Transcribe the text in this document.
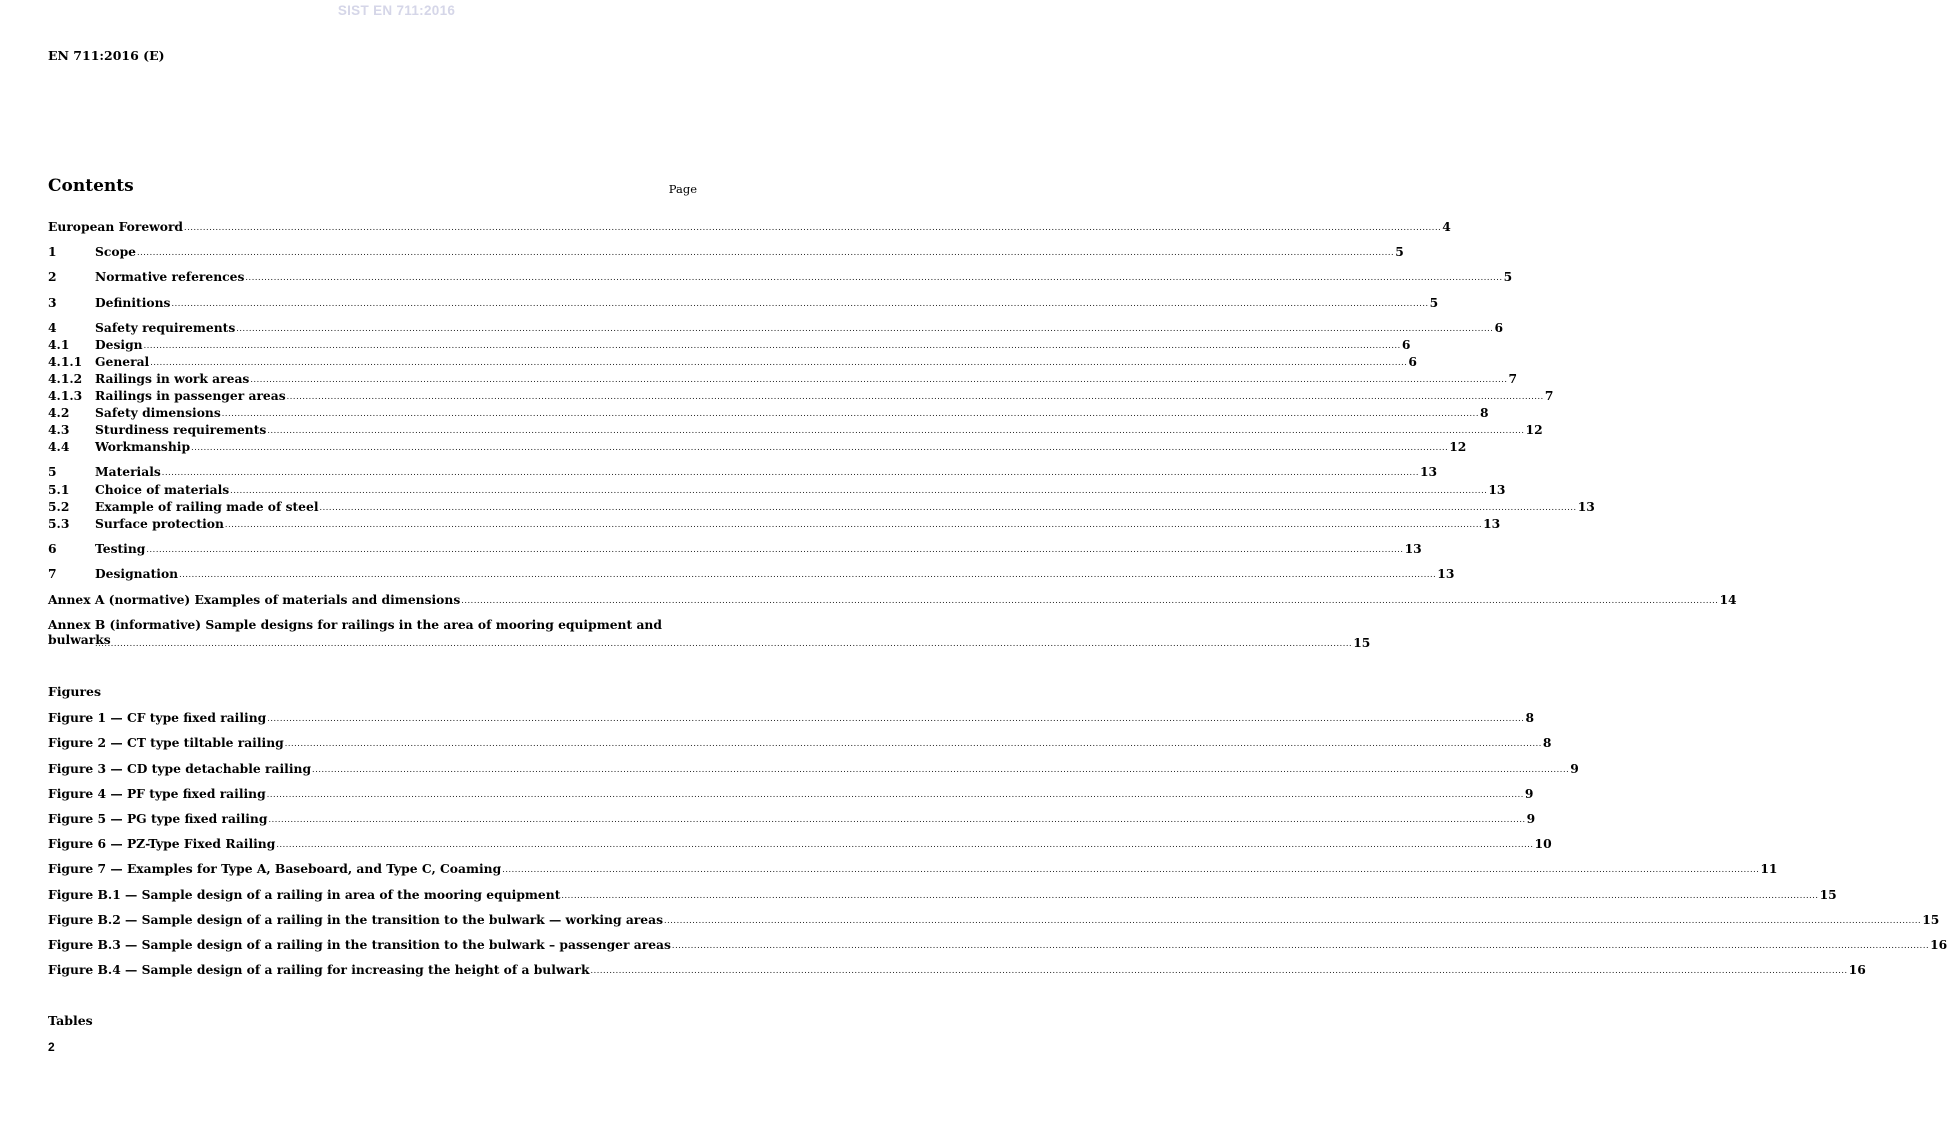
SIST EN 711:2016
EN 711:2016 (E)
Contents	Page
European Foreword ................................................................................................................................................................................................................................................................................................................................................................................................................ 4
1	Scope ................................................................................................................................................................................................................................................................................................................................................................................................................ 5
2	Normative references ................................................................................................................................................................................................................................................................................................................................................................................................................ 5
3	Definitions ................................................................................................................................................................................................................................................................................................................................................................................................................ 5
4	Safety requirements ................................................................................................................................................................................................................................................................................................................................................................................................................ 6
4.1	Design ................................................................................................................................................................................................................................................................................................................................................................................................................ 6
4.1.1	General ................................................................................................................................................................................................................................................................................................................................................................................................................ 6
4.1.2	Railings in work areas ................................................................................................................................................................................................................................................................................................................................................................................................................ 7
4.1.3	Railings in passenger areas ................................................................................................................................................................................................................................................................................................................................................................................................................ 7
4.2	Safety dimensions ................................................................................................................................................................................................................................................................................................................................................................................................................ 8
4.3	Sturdiness requirements ................................................................................................................................................................................................................................................................................................................................................................................................................ 12
4.4	Workmanship ................................................................................................................................................................................................................................................................................................................................................................................................................ 12
5	Materials ................................................................................................................................................................................................................................................................................................................................................................................................................ 13
5.1	Choice of materials ................................................................................................................................................................................................................................................................................................................................................................................................................ 13
5.2	Example of railing made of steel ................................................................................................................................................................................................................................................................................................................................................................................................................ 13
5.3	Surface protection ................................................................................................................................................................................................................................................................................................................................................................................................................ 13
6	Testing ................................................................................................................................................................................................................................................................................................................................................................................................................ 13
7	Designation ................................................................................................................................................................................................................................................................................................................................................................................................................ 13
Annex A (normative) Examples of materials and dimensions ................................................................................................................................................................................................................................................................................................................................................................................................................ 14
Annex B (informative) Sample designs for railings in the area of mooring equipment and bulwarks
................................................................................................................................................................................................................................................................................................................................................................................................................ 15
Figures
Figure 1 — CF type fixed railing ................................................................................................................................................................................................................................................................................................................................................................................................................ 8
Figure 2 — CT type tiltable railing ................................................................................................................................................................................................................................................................................................................................................................................................................ 8
Figure 3 — CD type detachable railing ................................................................................................................................................................................................................................................................................................................................................................................................................ 9
Figure 4 — PF type fixed railing ................................................................................................................................................................................................................................................................................................................................................................................................................ 9
Figure 5 — PG type fixed railing ................................................................................................................................................................................................................................................................................................................................................................................................................ 9
Figure 6 — PZ-Type Fixed Railing ................................................................................................................................................................................................................................................................................................................................................................................................................ 10
Figure 7 — Examples for Type A, Baseboard, and Type C, Coaming ................................................................................................................................................................................................................................................................................................................................................................................................................ 11
Figure B.1 — Sample design of a railing in area of the mooring equipment ................................................................................................................................................................................................................................................................................................................................................................................................................ 15
Figure B.2 — Sample design of a railing in the transition to the bulwark — working areas ................................................................................................................................................................................................................................................................................................................................................................................................................ 15
Figure B.3 — Sample design of a railing in the transition to the bulwark – passenger areas ................................................................................................................................................................................................................................................................................................................................................................................................................ 16
Figure B.4 — Sample design of a railing for increasing the height of a bulwark ................................................................................................................................................................................................................................................................................................................................................................................................................ 16
Tables
2
